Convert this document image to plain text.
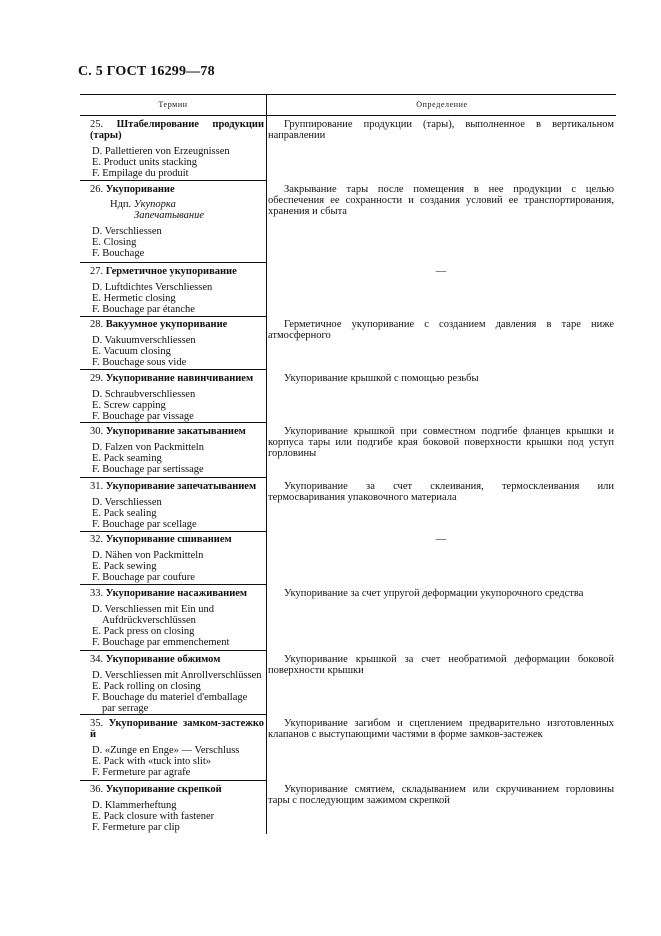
С. 5 ГОСТ 16299—78
Термин	Определение
25. Штабелирование продукции (тары)
D. Pallettieren von Erzeugnissen
E. Product units stacking
F. Empilage du produit
Группирование продукции (тары), выполненное в вертикальном направлении
26. Укупоривание
Ндп. Укупорка
Запечатывание
D. Verschliessen
E. Closing
F. Bouchage
Закрывание тары после помещения в нее продукции с целью обеспечения ее сохранности и создания условий ее транспортирования, хранения и сбыта
27. Герметичное укупоривание
D. Luftdichtes Verschliessen
E. Hermetic closing
F. Bouchage par étanche
—
28. Вакуумное укупоривание
D. Vakuumverschliessen
E. Vacuum closing
F. Bouchage sous vide
Герметичное укупоривание с созданием давления в таре ниже атмосферного
29. Укупоривание навинчиванием
D. Schraubverschliessen
E. Screw capping
F. Bouchage par vissage
Укупоривание крышкой с помощью резьбы
30. Укупоривание закатыванием
D. Falzen von Packmitteln
E. Pack seaming
F. Bouchage par sertissage
Укупоривание крышкой при совместном подгибе фланцев крышки и корпуса тары или подгибе края боковой поверхности крышки под уступ горловины
31. Укупоривание запечатыванием
D. Verschliessen
E. Pack sealing
F. Bouchage par scellage
Укупоривание за счет склеивания, термосклеивания или термосваривания упаковочного материала
32. Укупоривание сшиванием
D. Nähen von Packmitteln
E. Pack sewing
F. Bouchage par coufure
—
33. Укупоривание насаживанием
D. Verschliessen mit Ein und
Aufdrückverschlüssen
E. Pack press on closing
F. Bouchage par emmenchement
Укупоривание за счет упругой деформации укупорочного средства
34. Укупоривание обжимом
D. Verschliessen mit Anrollverschlüssen
E. Pack rolling on closing
F. Bouchage du materiel d'emballage
par serrage
Укупоривание крышкой за счет необратимой деформации боковой поверхности крышки
35. Укупоривание замком-застежкой
D. «Zunge en Enge» — Verschluss
E. Pack with «tuck into slit»
F. Fermeture par agrafe
Укупоривание загибом и сцеплением предварительно изготовленных клапанов с выступающими частями в форме замков-застежек
36. Укупоривание скрепкой
D. Klammerheftung
E. Pack closure with fastener
F. Fermeture par clip
Укупоривание смятием, складыванием или скручиванием горловины тары с последующим зажимом скрепкой
